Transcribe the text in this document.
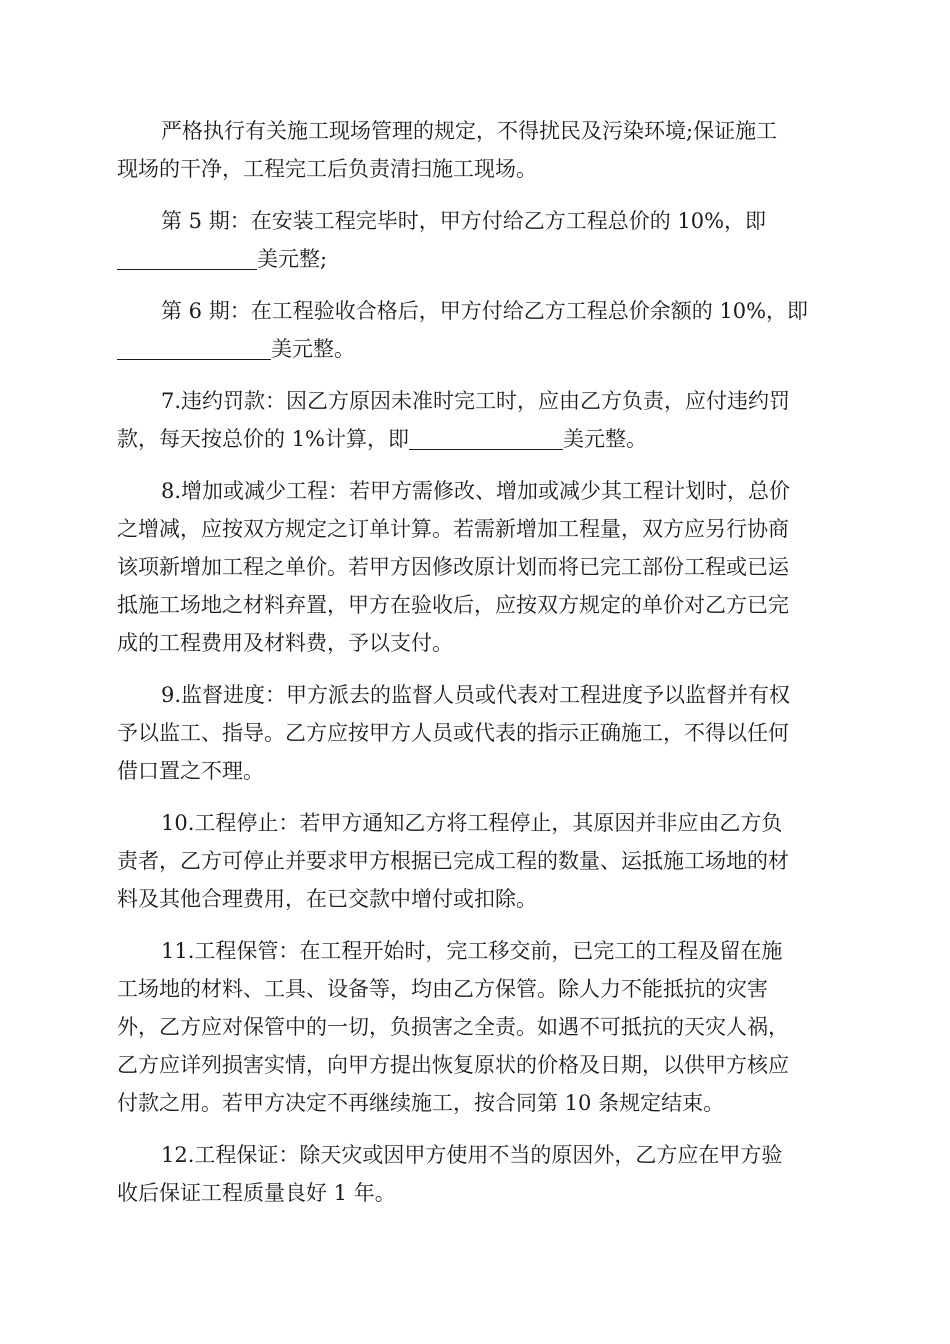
严格执行有关施工现场管理的规定，不得扰民及污染环境;保证施工
现场的干净，工程完工后负责清扫施工现场。

第 5 期：在安装工程完毕时，甲方付给乙方工程总价的 10%，即
美元整;

第 6 期：在工程验收合格后，甲方付给乙方工程总价余额的 10%，即
美元整。

7.违约罚款：因乙方原因未准时完工时，应由乙方负责，应付违约罚
款，每天按总价的 1%计算，即	美元整。

8.增加或减少工程：若甲方需修改、增加或减少其工程计划时，总价
之增减，应按双方规定之订单计算。若需新增加工程量，双方应另行协商
该项新增加工程之单价。若甲方因修改原计划而将已完工部份工程或已运
抵施工场地之材料弃置，甲方在验收后，应按双方规定的单价对乙方已完
成的工程费用及材料费，予以支付。

9.监督进度：甲方派去的监督人员或代表对工程进度予以监督并有权
予以监工、指导。乙方应按甲方人员或代表的指示正确施工，不得以任何
借口置之不理。

10.工程停止：若甲方通知乙方将工程停止，其原因并非应由乙方负
责者，乙方可停止并要求甲方根据已完成工程的数量、运抵施工场地的材
料及其他合理费用，在已交款中增付或扣除。

11.工程保管：在工程开始时，完工移交前，已完工的工程及留在施
工场地的材料、工具、设备等，均由乙方保管。除人力不能抵抗的灾害
外，乙方应对保管中的一切，负损害之全责。如遇不可抵抗的天灾人祸，
乙方应详列损害实情，向甲方提出恢复原状的价格及日期，以供甲方核应
付款之用。若甲方决定不再继续施工，按合同第 10 条规定结束。

12.工程保证：除天灾或因甲方使用不当的原因外，乙方应在甲方验
收后保证工程质量良好 1 年。
